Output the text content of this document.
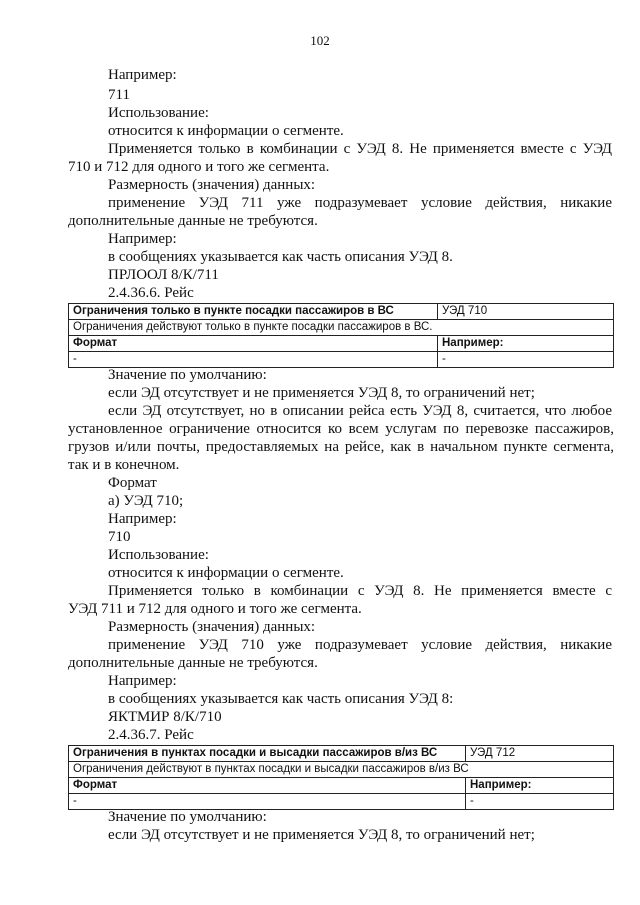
102
Например:
711
Использование:
относится к информации о сегменте.
Применяется только в комбинации с УЭД 8. Не применяется вместе с УЭД
710 и 712 для одного и того же сегмента.
Размерность (значения) данных:
применение УЭД 711 уже подразумевает условие действия, никакие
дополнительные данные не требуются.
Например:
в сообщениях указывается как часть описания УЭД 8.
ПРЛООЛ 8/К/711
2.4.36.6. Рейс
Ограничения только в пункте посадки пассажиров в ВС	УЭД 710
Ограничения действуют только в пункте посадки пассажиров в ВС.	
Формат	Например:
-	-
Значение по умолчанию:
если ЭД отсутствует и не применяется УЭД 8, то ограничений нет;
если ЭД отсутствует, но в описании рейса есть УЭД 8, считается, что любое
установленное ограничение относится ко всем услугам по перевозке пассажиров,
грузов и/или почты, предоставляемых на рейсе, как в начальном пункте сегмента,
так и в конечном.
Формат
а) УЭД 710;
Например:
710
Использование:
относится к информации о сегменте.
Применяется только в комбинации с УЭД 8. Не применяется вместе с
УЭД 711 и 712 для одного и того же сегмента.
Размерность (значения) данных:
применение УЭД 710 уже подразумевает условие действия, никакие
дополнительные данные не требуются.
Например:
в сообщениях указывается как часть описания УЭД 8:
ЯКТМИР 8/К/710
2.4.36.7. Рейс
Ограничения в пунктах посадки и высадки пассажиров в/из ВС	УЭД 712
Ограничения действуют в пунктах посадки и высадки пассажиров в/из ВС	
Формат	Например:
-	-
Значение по умолчанию:
если ЭД отсутствует и не применяется УЭД 8, то ограничений нет;
